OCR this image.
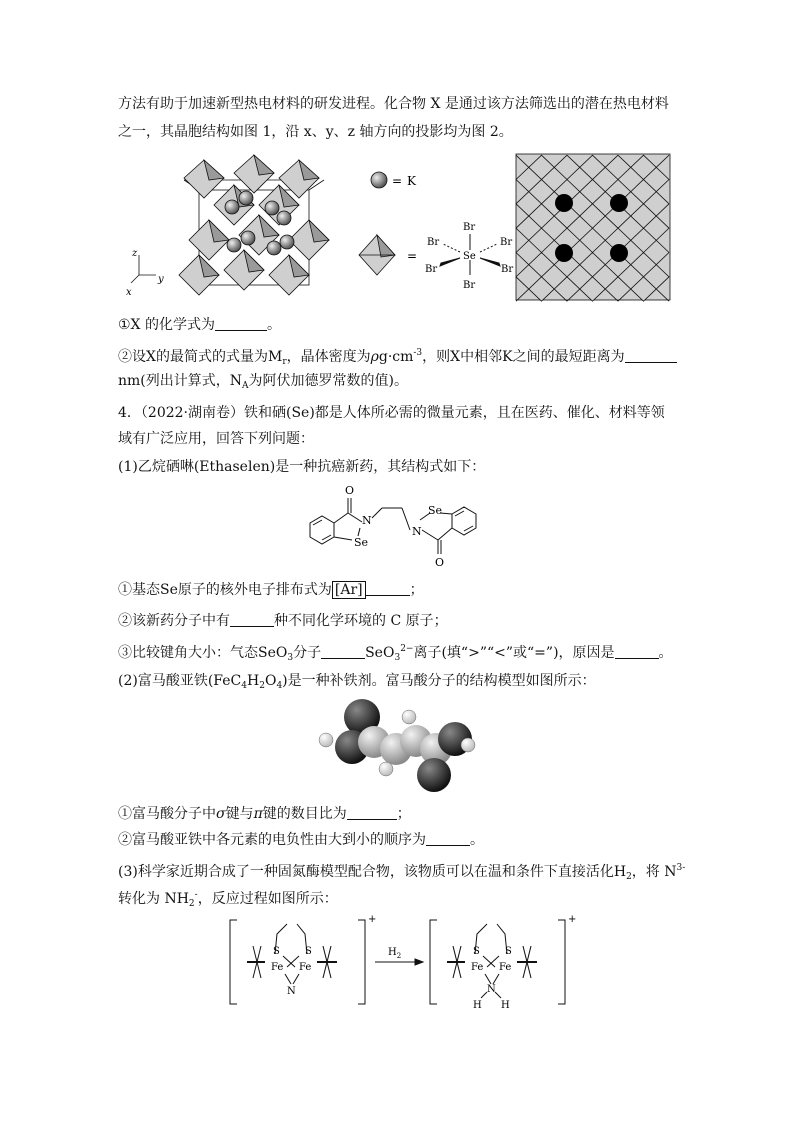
方法有助于加速新型热电材料的研发进程。化合物 X 是通过该方法筛选出的潜在热电材料
之一，其晶胞结构如图 1，沿 x、y、z 轴方向的投影均为图 2。
z
y
x
= K
=	Se
Br
Br
Br	Br
Br	Br
①X 的化学式为	。
②设X的最简式的式量为$M_r$，晶体密度为$\rho g\cdot cm^{-3}$，则X中相邻K之间的最短距离为
nm(列出计算式，$N_A$为阿伏加德罗常数的值)。
4．（2022·湖南卷）铁和硒(Se)都是人体所必需的微量元素，且在医药、催化、材料等领
域有广泛应用，回答下列问题：
(1)乙烷硒啉(Ethaselen)是一种抗癌新药，其结构式如下：
O
N
Se
N
Se
O
①基态Se原子的核外电子排布式为 [Ar]	；
②该新药分子中有	种不同化学环境的 C 原子；
③比较键角大小：气态SeO$_3$分子	SeO$_3^{2-}$离子(填“>”“<”或“=”)，原因是	。
(2)富马酸亚铁$(FeC_4H_2O_4)$是一种补铁剂。富马酸分子的结构模型如图所示：
①富马酸分子中σ键与π键的数目比为	；
②富马酸亚铁中各元素的电负性由大到小的顺序为	。
(3)科学家近期合成了一种固氮酶模型配合物，该物质可以在温和条件下直接活化$H_2$，将 $N^{3-}$
转化为 $NH_2^-$，反应过程如图所示：
S	S
Fe Fe
N
+
$H_2$	S	S
Fe Fe
N
H H
+
